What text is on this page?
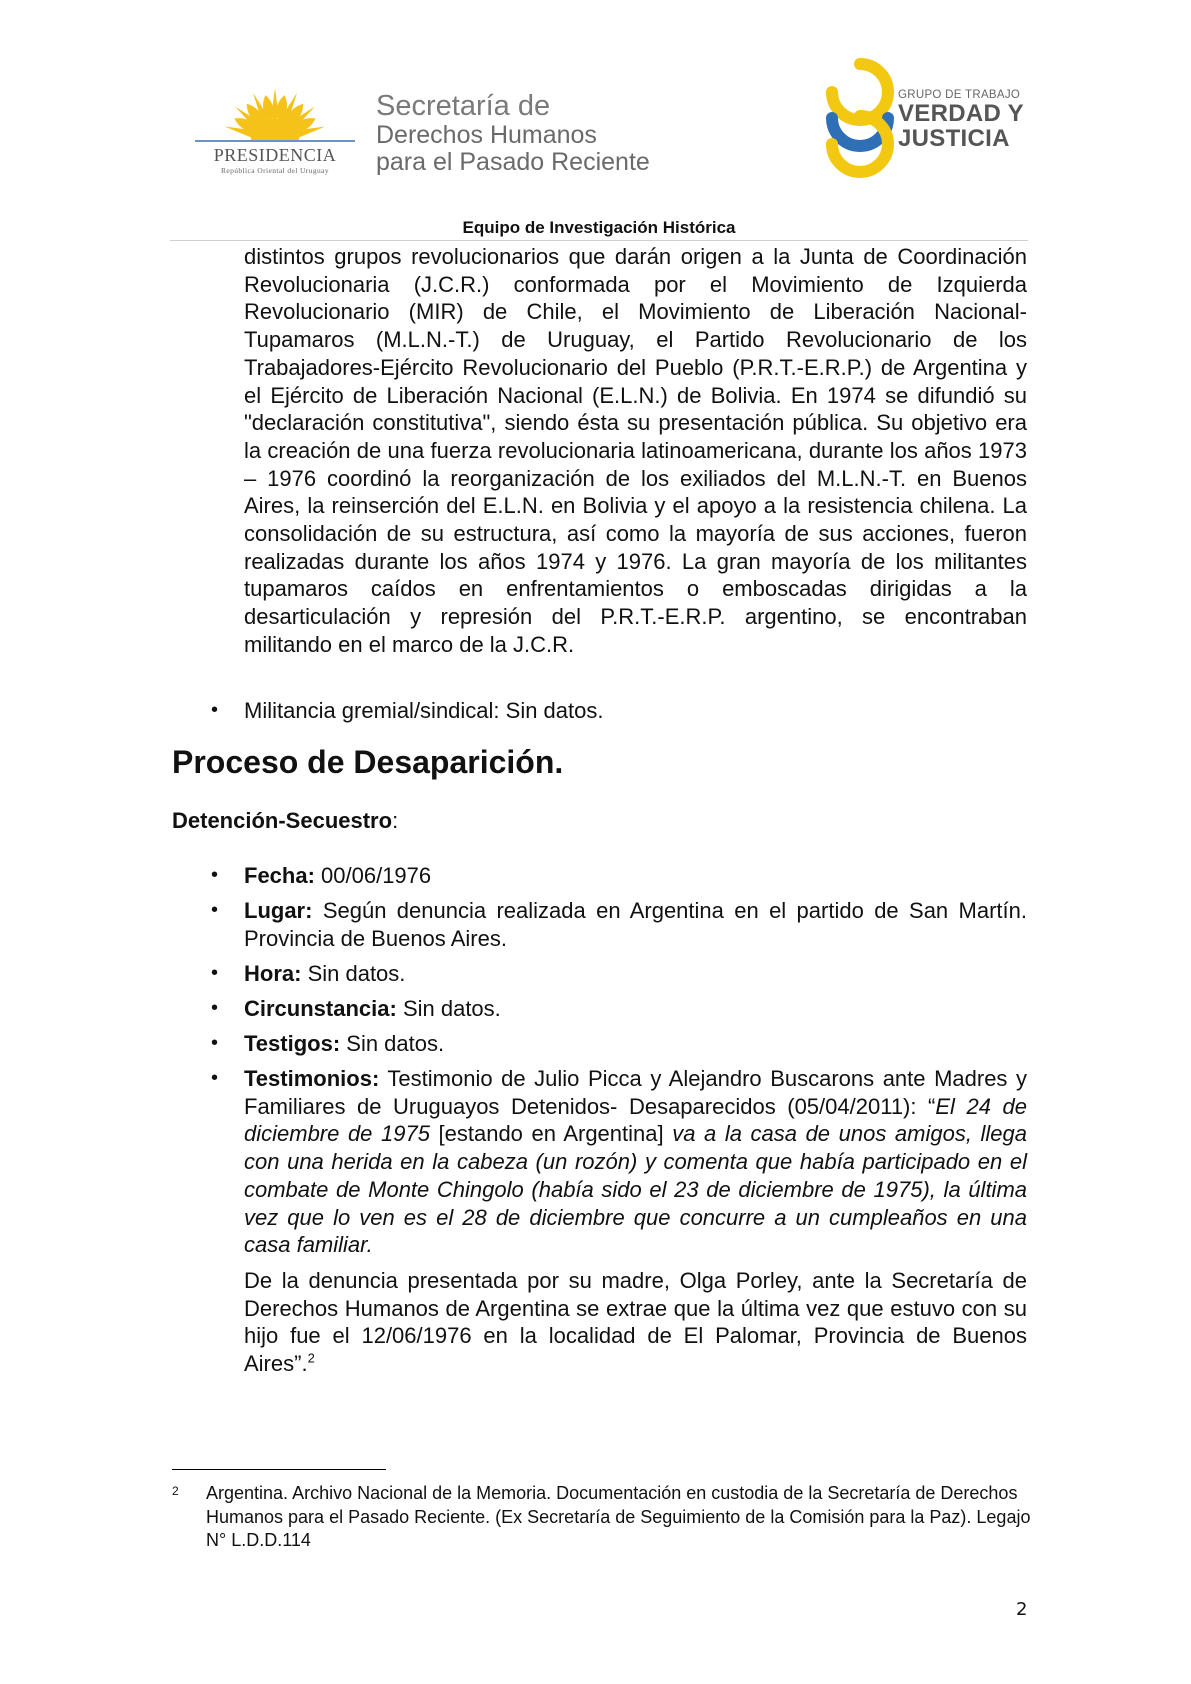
PRESIDENCIA
República Oriental del Uruguay
Secretaría de
Derechos Humanos
para el Pasado Reciente
GRUPO DE TRABAJO
VERDAD Y
JUSTICIA
Equipo de Investigación Histórica
distintos grupos revolucionarios que darán origen a la Junta de Coordinación Revolucionaria (J.C.R.) conformada por el Movimiento de Izquierda Revolucionario (MIR) de Chile, el Movimiento de Liberación Nacional-Tupamaros (M.L.N.-T.) de Uruguay, el Partido Revolucionario de los Trabajadores-Ejército Revolucionario del Pueblo (P.R.T.-E.R.P.) de Argentina y el Ejército de Liberación Nacional (E.L.N.) de Bolivia. En 1974 se difundió su "declaración constitutiva", siendo ésta su presentación pública. Su objetivo era la creación de una fuerza revolucionaria latinoamericana, durante los años 1973 – 1976 coordinó la reorganización de los exiliados del M.L.N.-T. en Buenos Aires, la reinserción del E.L.N. en Bolivia y el apoyo a la resistencia chilena. La consolidación de su estructura, así como la mayoría de sus acciones, fueron realizadas durante los años 1974 y 1976. La gran mayoría de los militantes tupamaros caídos en enfrentamientos o emboscadas dirigidas a la desarticulación y represión del P.R.T.-E.R.P. argentino, se encontraban militando en el marco de la J.C.R.
• Militancia gremial/sindical: Sin datos.
Proceso de Desaparición.
Detención-Secuestro:
• Fecha: 00/06/1976
• Lugar: Según denuncia realizada en Argentina en el partido de San Martín. Provincia de Buenos Aires.
• Hora: Sin datos.
• Circunstancia: Sin datos.
• Testigos: Sin datos.
• Testimonios: Testimonio de Julio Picca y Alejandro Buscarons ante Madres y Familiares de Uruguayos Detenidos- Desaparecidos (05/04/2011): “El 24 de diciembre de 1975 [estando en Argentina] va a la casa de unos amigos, llega con una herida en la cabeza (un rozón) y comenta que había participado en el combate de Monte Chingolo (había sido el 23 de diciembre de 1975), la última vez que lo ven es el 28 de diciembre que concurre a un cumpleaños en una casa familiar.
De la denuncia presentada por su madre, Olga Porley, ante la Secretaría de Derechos Humanos de Argentina se extrae que la última vez que estuvo con su hijo fue el 12/06/1976 en la localidad de El Palomar, Provincia de Buenos Aires”.$^2$
2 Argentina. Archivo Nacional de la Memoria. Documentación en custodia de la Secretaría de Derechos Humanos para el Pasado Reciente. (Ex Secretaría de Seguimiento de la Comisión para la Paz). Legajo N° L.D.D.114
2
